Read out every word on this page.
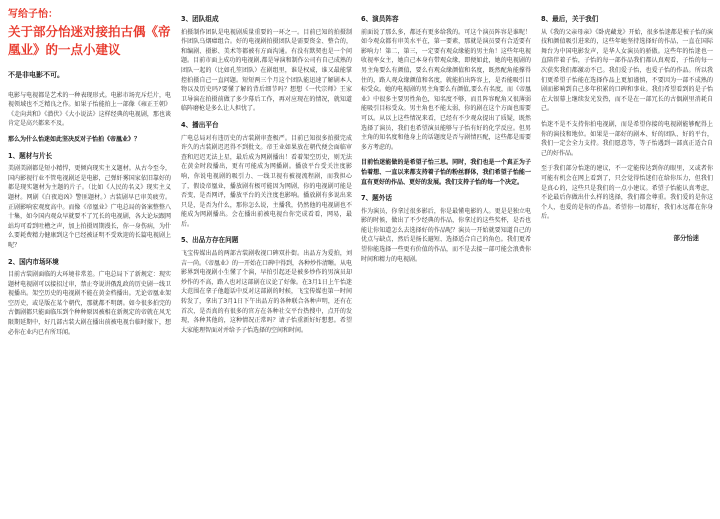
写给子怡：
关于部分怡迷对接拍古偶《帝凰业》的一点小建议
不是非电影不可。

电影与电视都是艺术的一种表现形式。电影市场充斥烂片，电视领域也不乏精良之作。如果子怡能拍上一部像《雍正王朝》《走向共和》《潜伏》《大小说法》这样经典的电视剧，那也谈肯定是高兴都来不及。

那么为什么怡迷如此坚决反对子怡拍《帝凰业》？

1、题材与片长

美剧美剧都是短小精悍，更倾向现实主义题材。从古今至今，国内影视行业不管电视剧还是电影，己弹奸雾国家依旧靠好的都是现实题材为主题的片子。（比如《人民的名义》现实主义题材。网剧《白夜追凶》警匪题材。）古装剧早已审美疲劳。正剧影响宏观度高中。而像《帝凰业》广电总局的备案整整八十集，如今国内观众早就要不了冗长的电视剧，各大论坛跟网站均可看到吐槽之声，加上拍摄周期漫长，你一身伤病，为什么要耗费精力健康到这个已经被证明不受欢迎的长篇电视剧上呢？

2、国内市场环境

目前古装剧面临的大环境非常差。广电总局下了新规定：现实题材电视剧可以接招过审，禁止夸说讲俄乱政的历史剧一线卫视播出。架空历史的电视剧不能在黄金档播出。无论帝凰业架空历史，或是版在某个朝代，那就都不明朗。如今很多拍完的古偶剧都只能面临压到个种种原因被相在新规定的帝就在风无限期延期中，好几部古装大剧在播出前被电视台临时撤下，想必你在业内已有所耳闻。

3、团队组成

拍摄制作团队是电视剧质量重要的一环之一。目前已知的拍摄制作团队乌烟瘴组合。好的电视剧拍摄团队是需要资金、整合的，和编剧、摄影、美术等都被有方面沟通。有没有默契也是一个问题。目前市面上成功的电视剧,都是导演和制作公司有自己成熟的团队一起的（比如孔笙团队）在剧组里，谁是权威，谁又最能掌控拍摄自己一直问题。短短两三个月这个团队能迅速了解剧本人物以及历史吗?要懂了解的背后细节吗？想想《一代宗师》王家卫导演在拍摄前做了多少幕后工作，再对应现在的情况，就知道临阵磨枪是多么让人担忧了。

4、播出平台

广电总局对有违历史的古装剧审查极严。目前已知很多拍摄完成许久的古装剧迟迟得不到批文。帝王业如果放在朝代便会面临审查和迟迟无法上星，最后成为网剧播出！看着架空历史，则无法在黄金时段播出，更有可能成为网播剧。播放平台受关注度影响，你说电视剧的吸引力、一线卫视有被视流程剧，而我担心了，假设帝凰业，播放剧有极可能因为网剧，你的电视剧可能是否变，是否网评，播放平台的关注度也影响。播放剧有多说出来只是，是否为什么，那你怎么说，主播我，仍然他的电视剧也不能成为网剧播出。会在播出前被电视台你完成看看，网易，最后。

5、出品方存在问题

飞宝传媒出品的两部古装剧收视口碑双扑街。出品方为爱拍，刘吉一尚。《帝凰业》的一开始在口碑中得到，各种炒作清晰。从电影界到电视剧小生懂了个演，早拍引起还是被多炒作的男演员却炒作的不高，路人也对这部剧在议论了好像。在3月1日上午怡迷大范围在拿子他超话中反对这部剧的时候，飞宝传媒也第一时间转发了，拿出了3月1日下午出品方的各种联合各种声明，还有在首次，是否真的有很多的官方在各种社交平台热搜中，点开的发现，各种其他的，这种情况正常吗？请子怡重新好好想想。希望大家能理智面对并给予子怡选择的空间和时间。

6、演员阵容

前面说了那么多，都还有更多给我的。可这个演员阵容是谁呢！如今观众都有审美水平在，第一要素，那就是演员要有合适要有影响力！第二，第三，一定要有观众缘能的男主角！这些年电视收视率女主，她自己本身有带观众缘，即便如此，她的电视剧的男主角要么有颜值，要么有观众缘颜值和名度，既然配角能撑得住的，路人观众缘颜值和名度，就能拍出阵容上，是否能吸引目标受众。她的电视剧的男主角要么有颜值,要么有名度，而《帝凰业》中很多主要男性角色，知名度不够，而且阵容配角又很薄弱能吸引目标受众。男主角也不能太弱，你的剧在这个方面也需要可以。从以上这些情况来看，已经有不少观众提出了质疑，既然选择了演员，我们也希望演员能够与子怡有好的化学反应。但男主角的知名度和他身上的话题度是否与剧情匹配，这些都是需要多方考虑的。

目前怡迷能做的是希望子怡三思。同时，我们也是一个真正为子怡着想、一直以来都支持着子怡的粉丝群体，我们希望子怡能一直有更好的作品、更好的发展。我们支持子怡的每一个决定。

7、题外话

作为演员，你拿过很多影后，你是最懂电影的人。更是是独立电影的时候，做出了不少经典的作品，你拿过的这些奖杯，是否也能让你知道怎么去选择好的作品呢？演员一开始就要知道自己的优点与缺点，然后是扬长避短、选择适合自己的角色。我们更希望你能选择一些更有价值的作品，而不是去接一部可能会浪费你时间和精力的电视剧。

8、最后，关于我们

从《我的父亲母亲》《卧虎藏龙》开始，很多怡迷都是被子怡的演技和颜值吸引进来的，这些年她坚持选择好的作品，一直在国际舞台为中国电影发声，是华人女演员的骄傲。这些年的怡迷也一直陪伴着子怡，子怡的每一部作品我们都认真观看，子怡的每一次获奖我们都激动不已。我们爱子怡，也爱子怡的作品。所以我们更希望子怡能在选择作品上更加谨慎，不要因为一部不成熟的剧而影响到自己多年积累的口碑和事业。我们希望看到的是子怡在大银幕上继续发光发热，而不是在一部冗长的古偶剧里消耗自己。

怡迷不是不支持你拍电视剧，而是希望你接的电视剧能够配得上你的演技和地位。如果是一部好的剧本、好的团队、好的平台，我们一定会全力支持。我们愿意等，等子怡遇到一部真正适合自己的好作品。

至于我们部分怡迷的建议，不一定能传达到你的眼里，又或者你可能有机会在网上看到了，只会觉得怡迷们在给你压力，但我们是真心的，这些只是我们的一点小建议。希望子怡能认真考虑，不论最后你做出什么样的选择，我们都会尊重。我们爱的是你这个人，也爱的是你的作品。希望你一切都好，我们永远都在你身后。

部分怡迷
